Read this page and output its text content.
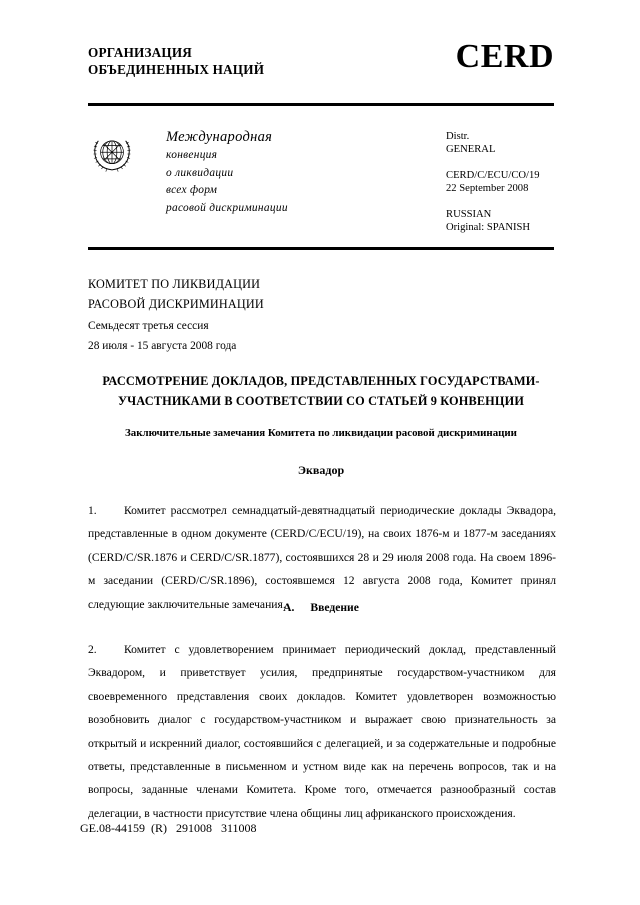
ОРГАНИЗАЦИЯ
ОБЪЕДИНЕННЫХ НАЦИЙ	CERD
Международная
конвенция
о ликвидации
всех форм
расовой дискриминации
Distr.
GENERAL
CERD/C/ECU/CO/19
22 September 2008
RUSSIAN
Original: SPANISH
КОМИТЕТ ПО ЛИКВИДАЦИИ
РАСОВОЙ ДИСКРИМИНАЦИИ
Семьдесят третья сессия
28 июля - 15 августа 2008 года
РАССМОТРЕНИЕ ДОКЛАДОВ, ПРЕДСТАВЛЕННЫХ ГОСУДАРСТВАМИ-
УЧАСТНИКАМИ В СООТВЕТСТВИИ СО СТАТЬЕЙ 9 КОНВЕНЦИИ
Заключительные замечания Комитета по ликвидации расовой дискриминации
Эквадор
1. Комитет рассмотрел семнадцатый-девятнадцатый периодические доклады Эквадора, представленные в одном документе (CERD/C/ECU/19), на своих 1876-м и 1877-м заседаниях (CERD/C/SR.1876 и CERD/C/SR.1877), состоявшихся 28 и 29 июля 2008 года. На своем 1896-м заседании (CERD/C/SR.1896), состоявшемся 12 августа 2008 года, Комитет принял следующие заключительные замечания.
A. Введение
2. Комитет с удовлетворением принимает периодический доклад, представленный Эквадором, и приветствует усилия, предпринятые государством-участником для своевременного представления своих докладов. Комитет удовлетворен возможностью возобновить диалог с государством-участником и выражает свою признательность за открытый и искренний диалог, состоявшийся с делегацией, и за содержательные и подробные ответы, представленные в письменном и устном виде как на перечень вопросов, так и на вопросы, заданные членами Комитета. Кроме того, отмечается разнообразный состав делегации, в частности присутствие члена общины лиц африканского происхождения.
GE.08-44159  (R)   291008   311008
